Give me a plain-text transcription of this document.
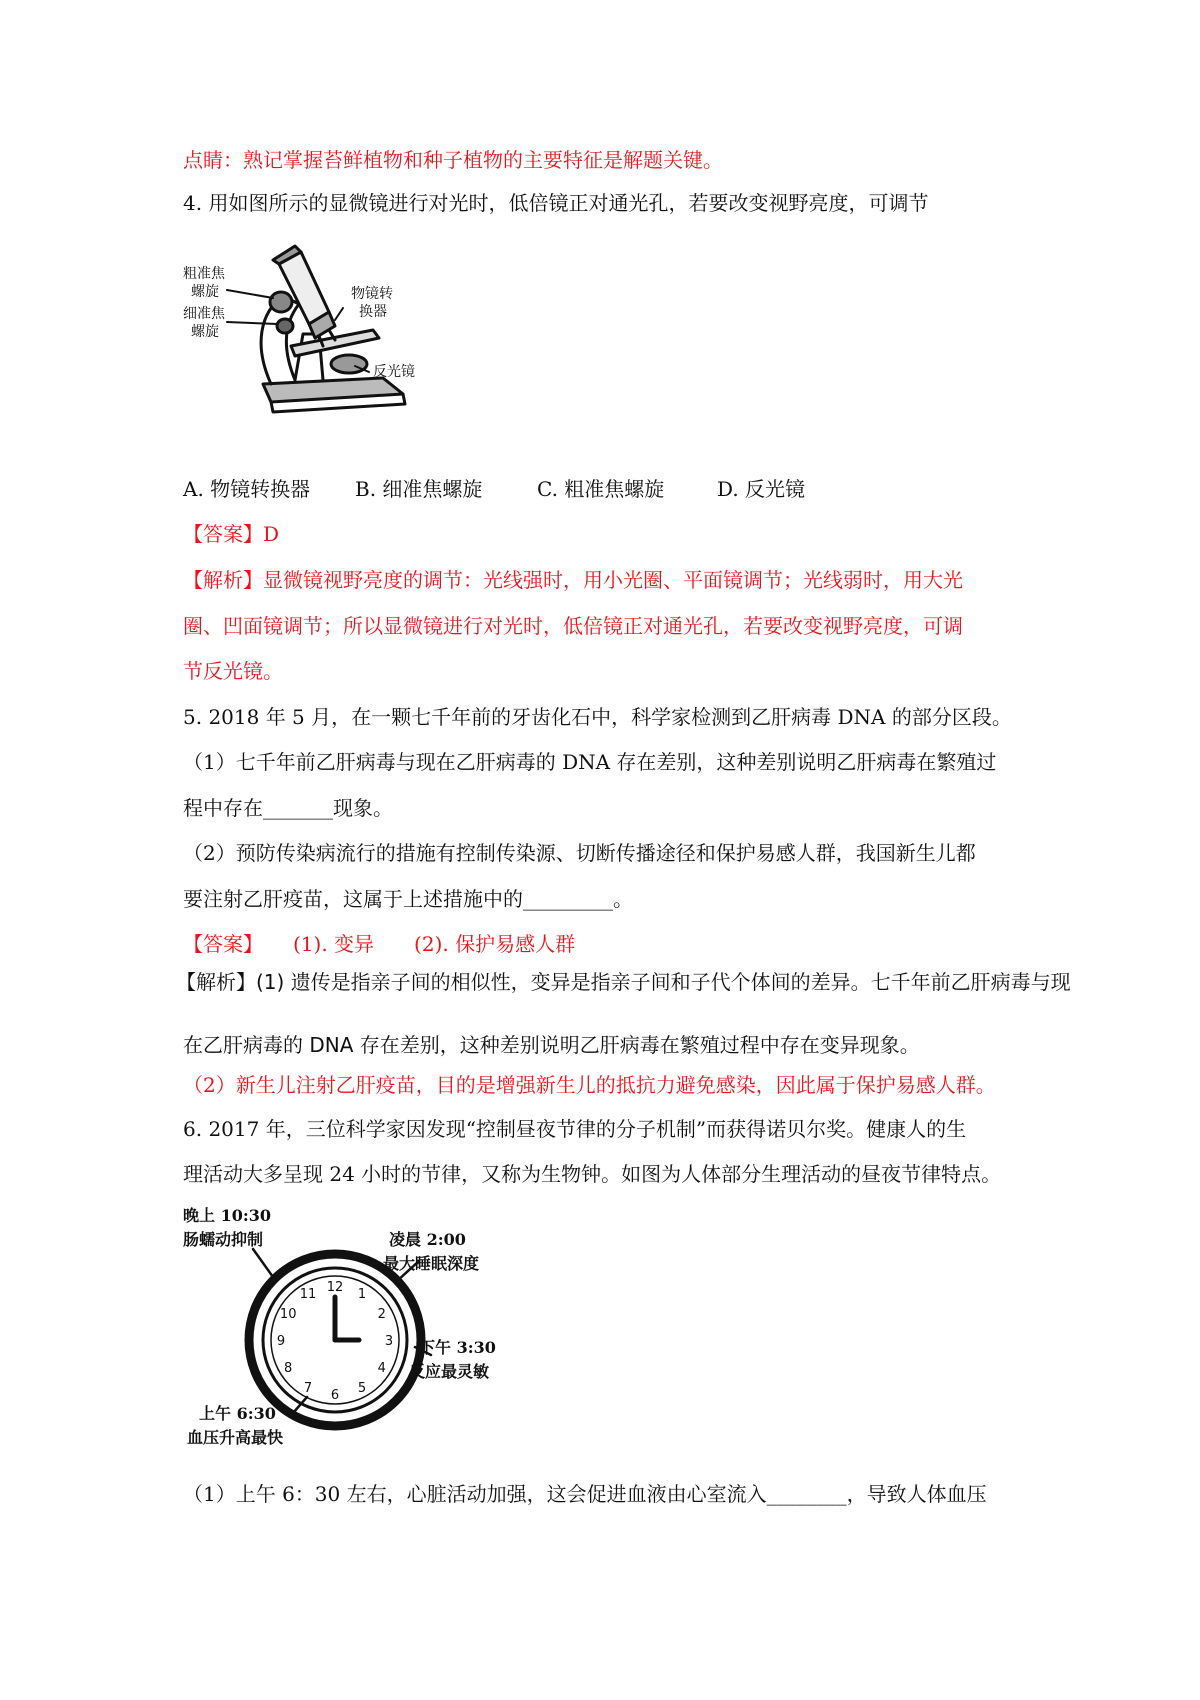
点睛：熟记掌握苔鲜植物和种子植物的主要特征是解题关键。
4. 用如图所示的显微镜进行对光时，低倍镜正对通光孔，若要改变视野亮度，可调节
粗准焦
螺旋
细准焦
螺旋
物镜转
换器
反光镜
A. 物镜转换器 B. 细准焦螺旋	C. 粗准焦螺旋	D. 反光镜
【答案】D
【解析】显微镜视野亮度的调节：光线强时，用小光圈、平面镜调节；光线弱时，用大光
圈、凹面镜调节；所以显微镜进行对光时，低倍镜正对通光孔，若要改变视野亮度，可调
节反光镜。
5. 2018 年 5 月，在一颗七千年前的牙齿化石中，科学家检测到乙肝病毒 DNA 的部分区段。
（1）七千年前乙肝病毒与现在乙肝病毒的 DNA 存在差别，这种差别说明乙肝病毒在繁殖过
程中存在_______现象。
（2）预防传染病流行的措施有控制传染源、切断传播途径和保护易感人群，我国新生儿都
要注射乙肝疫苗，这属于上述措施中的_________。
【答案】　　(1). 变异　　(2). 保护易感人群
【解析】(1) 遗传是指亲子间的相似性，变异是指亲子间和子代个体间的差异。七千年前乙肝病毒与现
在乙肝病毒的 DNA 存在差别，这种差别说明乙肝病毒在繁殖过程中存在变异现象。
（2）新生儿注射乙肝疫苗，目的是增强新生儿的抵抗力避免感染，因此属于保护易感人群。
6. 2017 年，三位科学家因发现“控制昼夜节律的分子机制”而获得诺贝尔奖。健康人的生
理活动大多呈现 24 小时的节律，又称为生物钟。如图为人体部分生理活动的昼夜节律特点。
12 1
2
3
4
5
6
7
8
9
10
11
晚上 10:30
肠蠕动抑制	凌晨 2:00
最大睡眠深度
下午 3:30
反应最灵敏
上午 6:30
血压升高最快
（1）上午 6：30 左右，心脏活动加强，这会促进血液由心室流入________，导致人体血压
